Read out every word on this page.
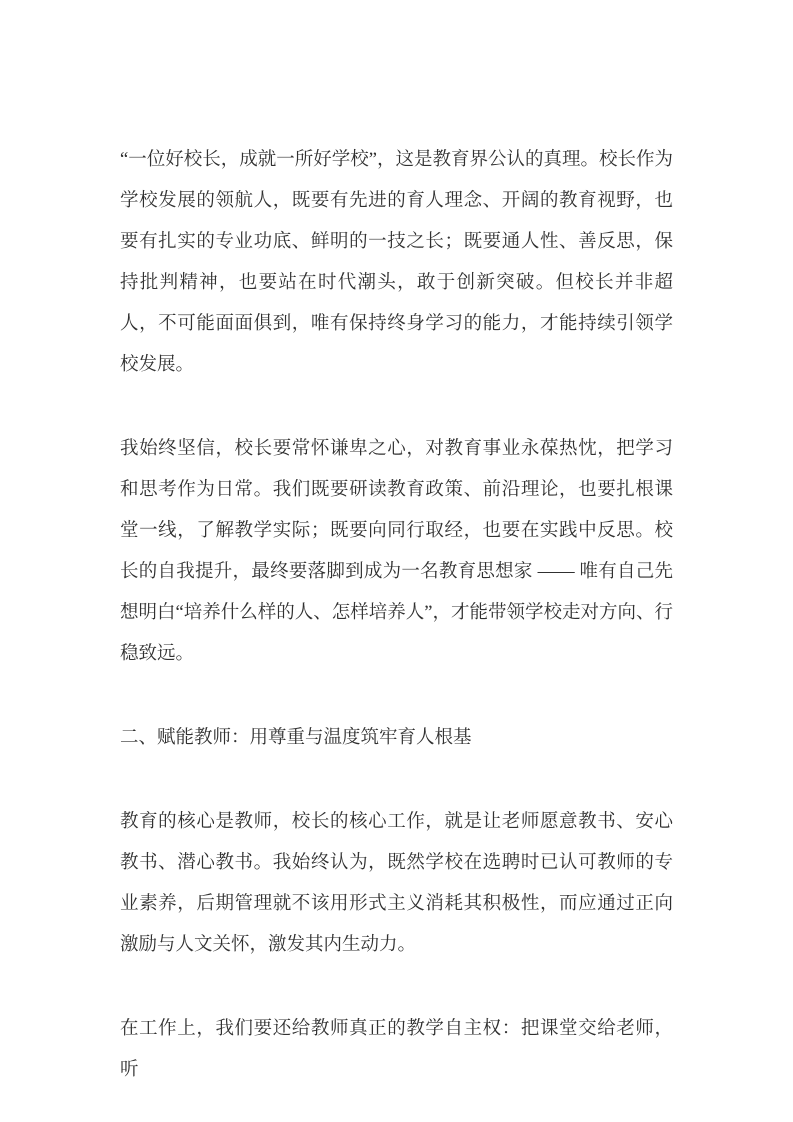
“一位好校长，成就一所好学校”，这是教育界公认的真理。校长作为学校发展的领航人，既要有先进的育人理念、开阔的教育视野，也要有扎实的专业功底、鲜明的一技之长；既要通人性、善反思，保持批判精神，也要站在时代潮头，敢于创新突破。但校长并非超人，不可能面面俱到，唯有保持终身学习的能力，才能持续引领学校发展。

我始终坚信，校长要常怀谦卑之心，对教育事业永葆热忱，把学习和思考作为日常。我们既要研读教育政策、前沿理论，也要扎根课堂一线，了解教学实际；既要向同行取经，也要在实践中反思。校长的自我提升，最终要落脚到成为一名教育思想家 —— 唯有自己先想明白“培养什么样的人、怎样培养人”，才能带领学校走对方向、行稳致远。

二、赋能教师：用尊重与温度筑牢育人根基

教育的核心是教师，校长的核心工作，就是让老师愿意教书、安心教书、潜心教书。我始终认为，既然学校在选聘时已认可教师的专业素养，后期管理就不该用形式主义消耗其积极性，而应通过正向激励与人文关怀，激发其内生动力。

在工作上，我们要还给教师真正的教学自主权：把课堂交给老师，听
